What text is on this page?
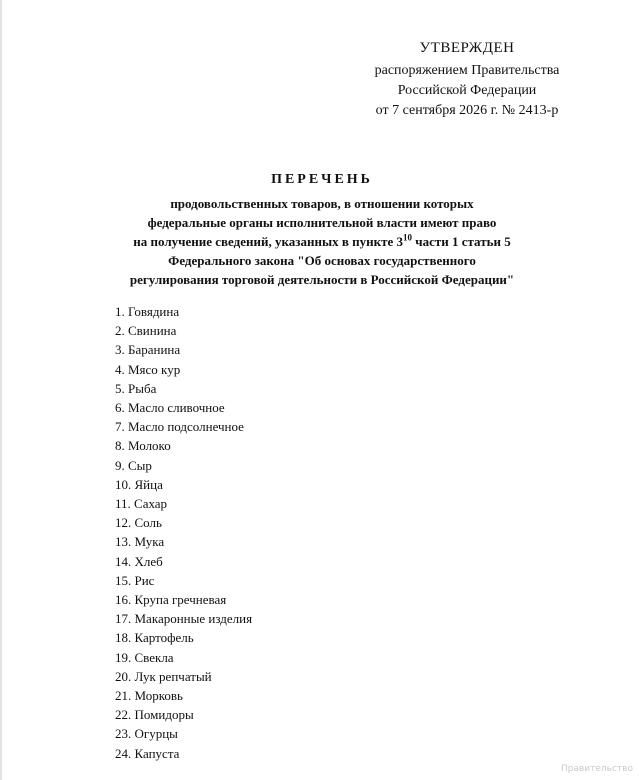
УТВЕРЖДЕН
распоряжением Правительства
Российской Федерации
от 7 сентября 2026 г. № 2413-р
ПЕРЕЧЕНЬ
продовольственных товаров, в отношении которых
федеральные органы исполнительной власти имеют право
на получение сведений, указанных в пункте $3^{10}$ части 1 статьи 5
Федерального закона "Об основах государственного
регулирования торговой деятельности в Российской Федерации"
1. Говядина
2. Свинина
3. Баранина
4. Мясо кур
5. Рыба
6. Масло сливочное
7. Масло подсолнечное
8. Молоко
9. Сыр
10. Яйца
11. Сахар
12. Соль
13. Мука
14. Хлеб
15. Рис
16. Крупа гречневая
17. Макаронные изделия
18. Картофель
19. Свекла
20. Лук репчатый
21. Морковь
22. Помидоры
23. Огурцы
24. Капуста
Правительство
